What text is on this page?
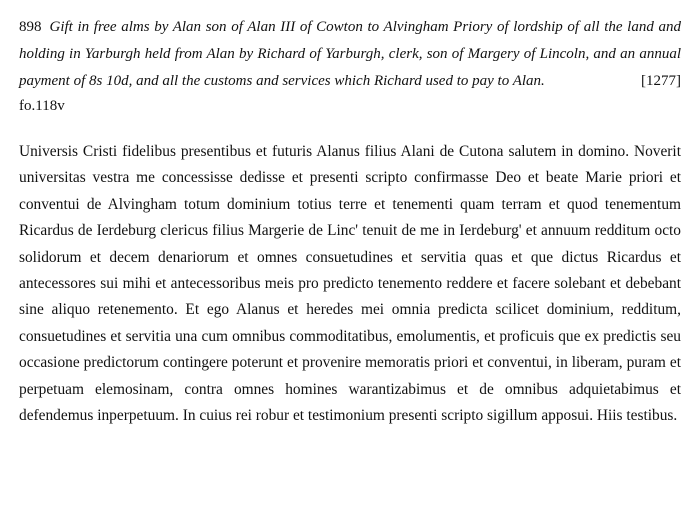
898 Gift in free alms by Alan son of Alan III of Cowton to Alvingham Priory of lordship of all the land and holding in Yarburgh held from Alan by Richard of Yarburgh, clerk, son of Margery of Lincoln, and an annual payment of 8s 10d, and all the customs and services which Richard used to pay to Alan.	[1277]

fo.118v

Universis Cristi fidelibus presentibus et futuris Alanus filius Alani de Cutona salutem in domino. Noverit universitas vestra me concessisse dedisse et presenti scripto confirmasse Deo et beate Marie priori et conventui de Alvingham totum dominium totius terre et tenementi quam terram et quod tenementum Ricardus de Ierdeburg clericus filius Margerie de Linc' tenuit de me in Ierdeburg' et annuum redditum octo solidorum et decem denariorum et omnes consuetudines et servitia quas et que dictus Ricardus et antecessores sui mihi et antecessoribus meis pro predicto tenemento reddere et facere solebant et debebant sine aliquo retenemento. Et ego Alanus et heredes mei omnia predicta scilicet dominium, redditum, consuetudines et servitia una cum omnibus commoditatibus, emolumentis, et proficuis que ex predictis seu occasione predictorum contingere poterunt et provenire memoratis priori et conventui, in liberam, puram et perpetuam elemosinam, contra omnes homines warantizabimus et de omnibus adquietabimus et defendemus inperpetuum. In cuius rei robur et testimonium presenti scripto sigillum apposui. Hiis testibus.
